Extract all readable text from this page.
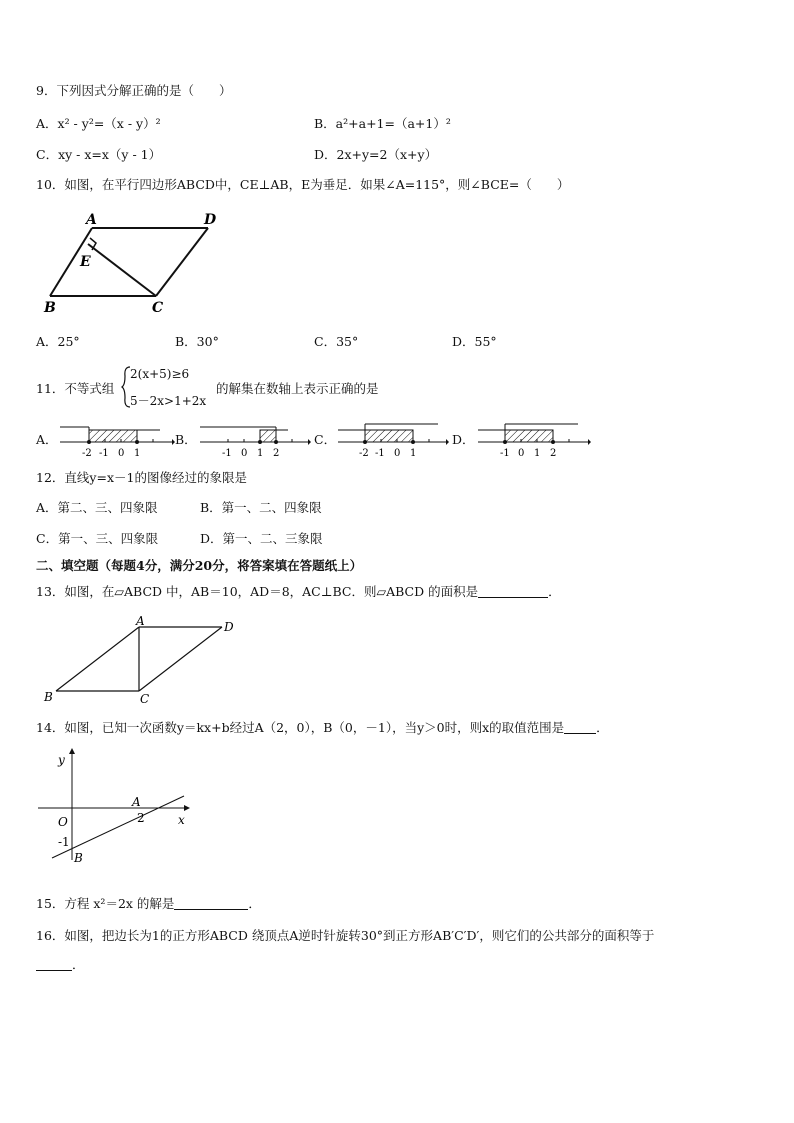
9．下列因式分解正确的是（　　）
A．x² - y²=（x - y）²	B．a²+a+1=（a+1）²
C．xy - x=x（y - 1）	D．2x+y=2（x+y）
10．如图，在平行四边形ABCD中，CE⊥AB，E为垂足．如果∠A=115°，则∠BCE=（　　）
A	D
E
B	C
A．25°	B．30°	C．35°	D．55°
11．不等式组
2(x+5)≥6
5－2x>1+2x
的解集在数轴上表示正确的是
A．	B．	C．	D．
-2 -1 0 1	-1 0 1 2	-2 -1 0 1	-1 0 1 2
12．直线y=x－1的图像经过的象限是
A．第二、三、四象限	B．第一、二、四象限
C．第一、三、四象限	D．第一、二、三象限
二、填空题（每题4分，满分20分，将答案填在答题纸上）
13．如图，在▱ABCD 中，AB＝10，AD＝8，AC⊥BC．则▱ABCD 的面积是	．
A	D
B	C
14．如图，已知一次函数y＝kx+b经过A（2，0），B（0，－1），当y＞0时，则x的取值范围是	．
y
x
O
A
2
-1
B
15．方程 x²＝2x 的解是	．
16．如图，把边长为1的正方形ABCD 绕顶点A逆时针旋转30°到正方形AB′C′D′，则它们的公共部分的面积等于
．
